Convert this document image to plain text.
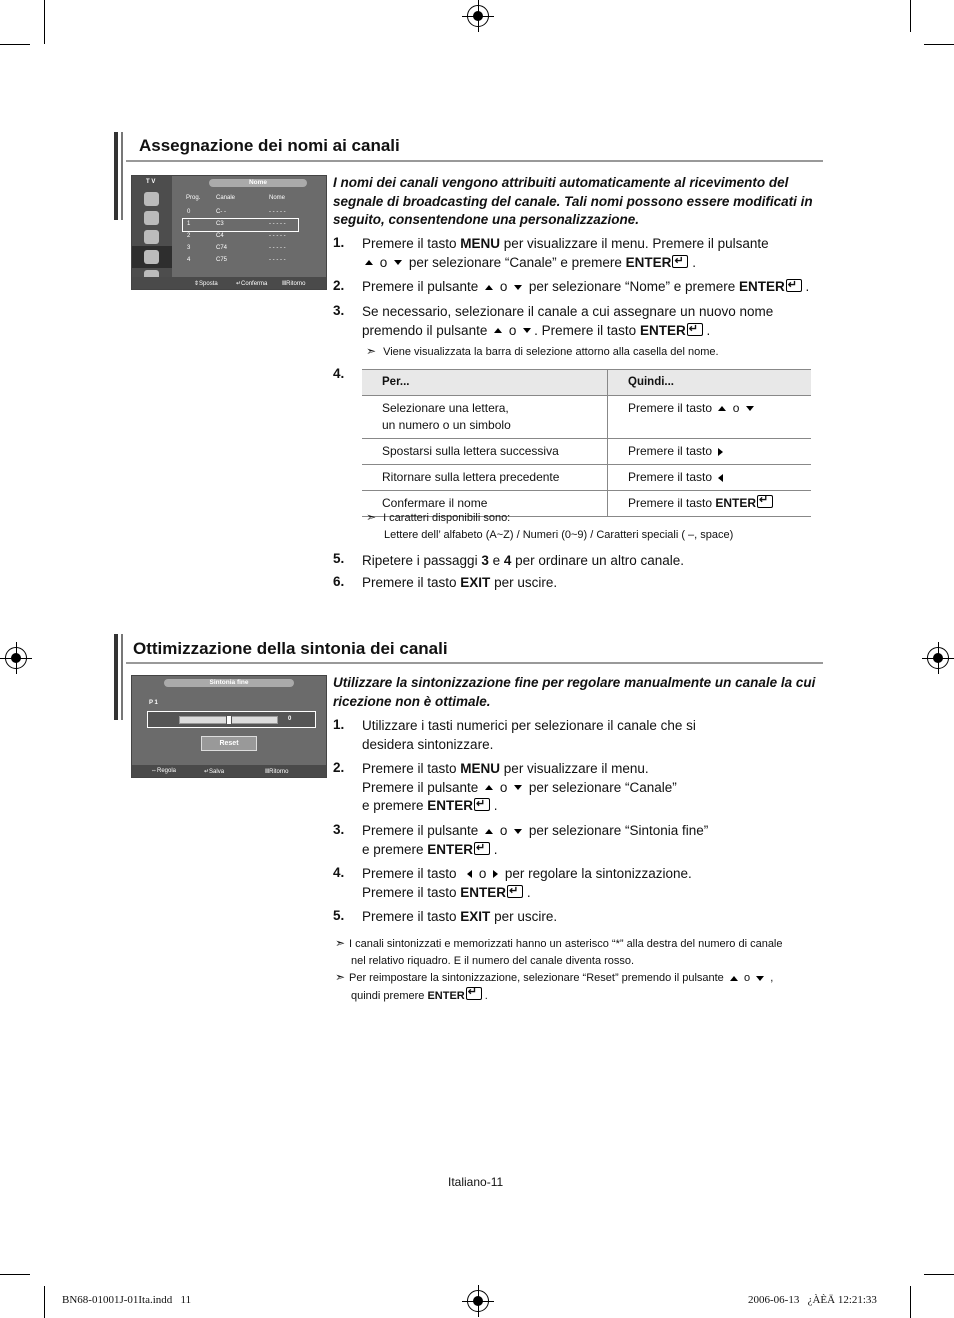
Assegnazione dei nomi ai canali
T V	Nome
Prog.	Canale	Nome
0	C- -	- - - - -
1	C3	- - - - -
2	C4	- - - - -
3	C74	- - - - -
4	C75	- - - - -
⇕Sposta	↵Conferma ⅢRitorno
I nomi dei canali vengono attribuiti automaticamente al ricevimento del segnale di broadcasting del canale. Tali nomi possono essere modificati in seguito, consentendone una personalizzazione.
1. Premere il tasto MENU per visualizzare il menu. Premere il pulsante
o per selezionare “Canale” e premere ENTER↵ .
2. Premere il pulsante o per selezionare “Nome” e premere ENTER↵ .
3. Se necessario, selezionare il canale a cui assegnare un nuovo nome
premendo il pulsante o . Premere il tasto ENTER↵ .
➣ Viene visualizzata la barra di selezione attorno alla casella del nome.
4.
Per...	Quindi...
Selezionare una lettera,
un numero o un simbolo	Premere il tasto o
Spostarsi sulla lettera successiva	Premere il tasto
Ritornare sulla lettera precedente	Premere il tasto
Confermare il nome	Premere il tasto ENTER↵
➣ I caratteri disponibili sono:
Lettere dell’ alfabeto (A~Z) / Numeri (0~9) / Caratteri speciali ( –, space)
5. Ripetere i passaggi 3 e 4 per ordinare un altro canale.
6. Premere il tasto EXIT per uscire.
Ottimizzazione della sintonia dei canali
Sintonia fine
P 1
0
Reset
⇔Regola	↵Salva	ⅢRitorno
Utilizzare la sintonizzazione fine per regolare manualmente un canale la cui ricezione non è ottimale.
1. Utilizzare i tasti numerici per selezionare il canale che si
desidera sintonizzare.
2. Premere il tasto MENU per visualizzare il menu.
Premere il pulsante o per selezionare “Canale”
e premere ENTER↵ .
3. Premere il pulsante o per selezionare “Sintonia fine”
e premere ENTER↵ .
4. Premere il tasto o per regolare la sintonizzazione.
Premere il tasto ENTER↵ .
5. Premere il tasto EXIT per uscire.
➣ I canali sintonizzati e memorizzati hanno un asterisco “*” alla destra del numero di canale
nel relativo riquadro. E il numero del canale diventa rosso.
➣ Per reimpostare la sintonizzazione, selezionare “Reset” premendo il pulsante o ,
quindi premere ENTER ↵ .
Italiano-11
BN68-01001J-01Ita.indd   11	2006-06-13   ¿ÀÈÄ 12:21:33
